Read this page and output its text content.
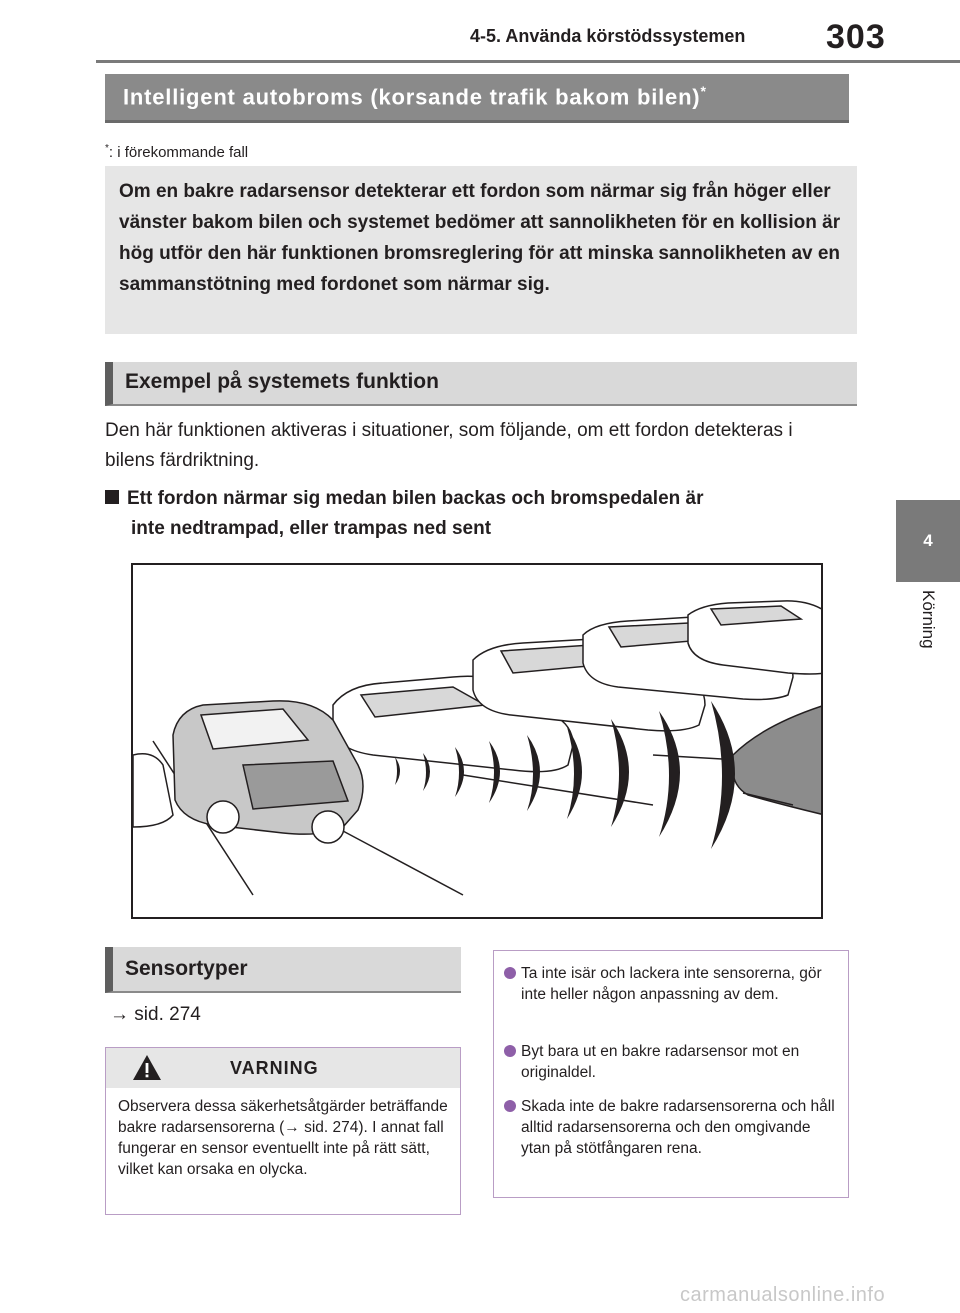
4-5. Använda körstödssystemen 303
4
Körning
Intelligent autobroms (korsande trafik bakom bilen)*
*: i förekommande fall

Om en bakre radarsensor detekterar ett fordon som närmar sig från höger eller vänster bakom bilen och systemet bedömer att sannolikheten för en kollision är hög utför den här funktionen bromsreglering för att minska sannolikheten av en sammanstötning med fordonet som närmar sig.

Exempel på systemets funktion
Den här funktionen aktiveras i situationer, som följande, om ett fordon detekteras i bilens färdriktning.
Ett fordon närmar sig medan bilen backas och bromspedalen är
inte nedtrampad, eller trampas ned sent
Sensortyper
→ sid. 274
VARNING
Observera dessa säkerhetsåtgärder beträffande bakre radarsensorerna (→ sid. 274). I annat fall fungerar en sensor eventuellt inte på rätt sätt, vilket kan orsaka en olycka.
Ta inte isär och lackera inte sensorerna, gör inte heller någon anpassning av dem.
Byt bara ut en bakre radarsensor mot en originaldel.
Skada inte de bakre radarsensorerna och håll alltid radarsensorerna och den omgivande ytan på stötfångaren rena.
carmanualsonline.info
